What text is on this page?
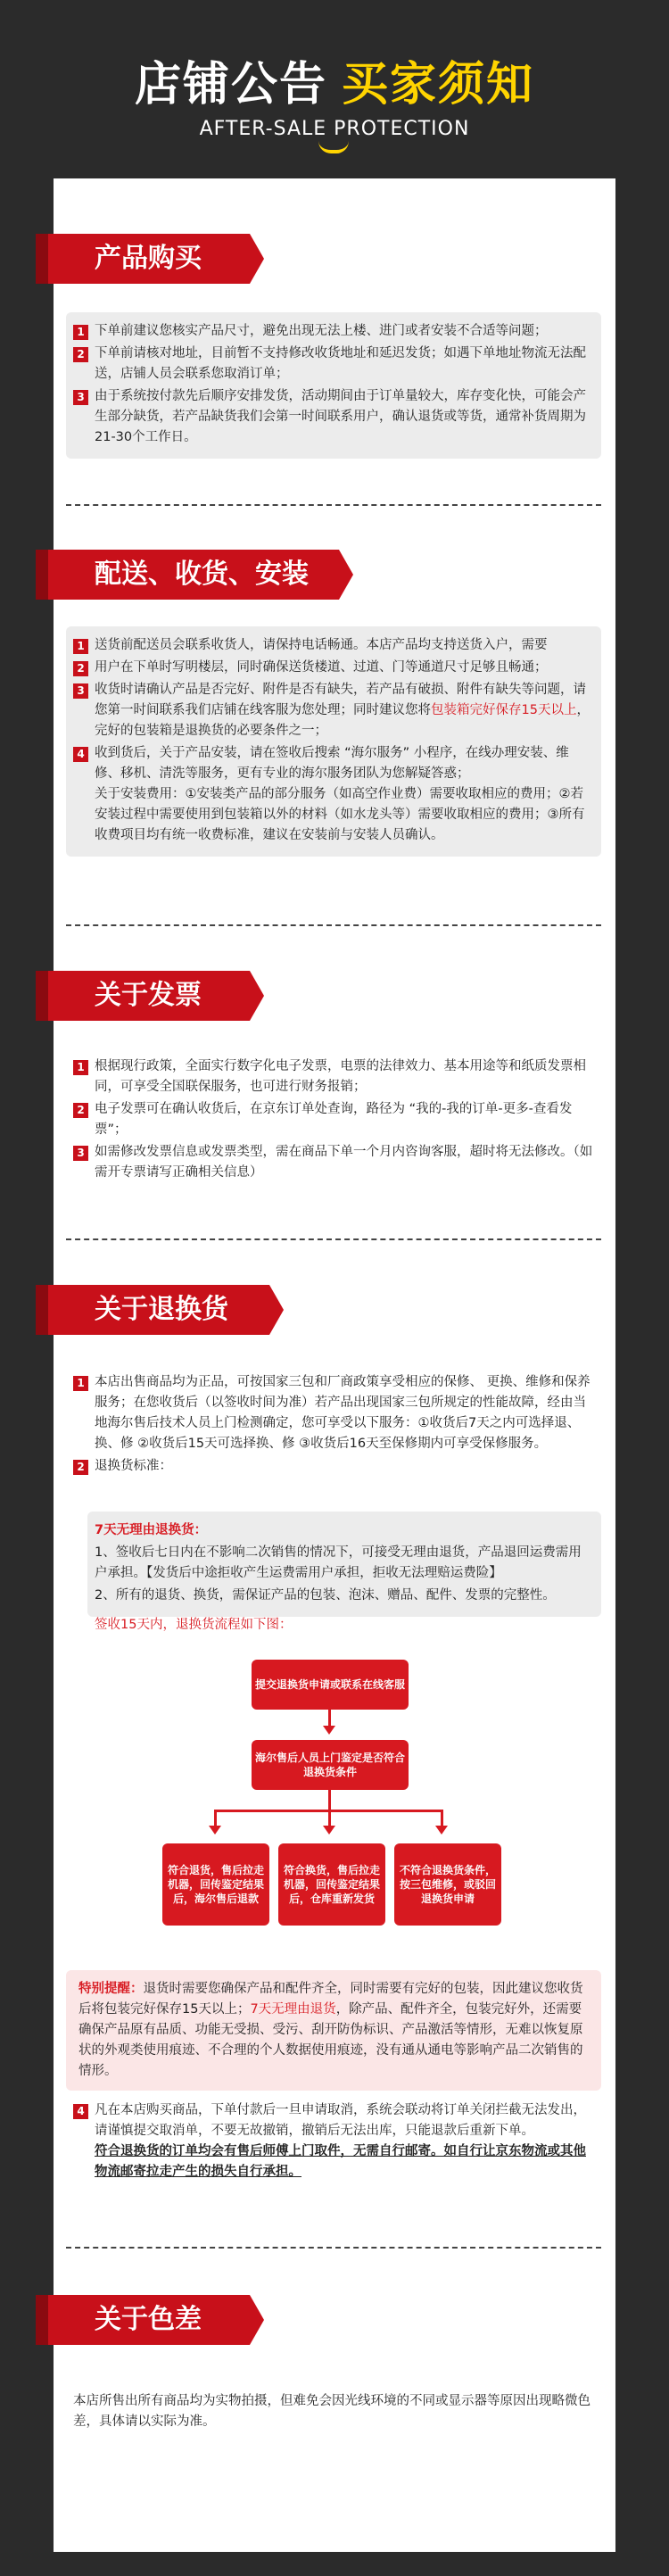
店铺公告 买家须知
AFTER-SALE PROTECTION
产品购买
1 下单前建议您核实产品尺寸，避免出现无法上楼、进门或者安装不合适等问题；
2 下单前请核对地址，目前暂不支持修改收货地址和延迟发货；如遇下单地址物流无法配送，店铺人员会联系您取消订单；
3 由于系统按付款先后顺序安排发货，活动期间由于订单量较大，库存变化快，可能会产生部分缺货，若产品缺货我们会第一时间联系用户，确认退货或等货，通常补货周期为21-30个工作日。
配送、收货、安装
1 送货前配送员会联系收货人，请保持电话畅通。本店产品均支持送货入户，需要
2 用户在下单时写明楼层，同时确保送货楼道、过道、门等通道尺寸足够且畅通；
3 收货时请确认产品是否完好、附件是否有缺失，若产品有破损、附件有缺失等问题，请您第一时间联系我们店铺在线客服为您处理；同时建议您将包装箱完好保存15天以上，完好的包装箱是退换货的必要条件之一；
4 收到货后，关于产品安装，请在签收后搜索 “海尔服务” 小程序，在线办理安装、维修、移机、清洗等服务，更有专业的海尔服务团队为您解疑答惑；
关于安装费用：①安装类产品的部分服务（如高空作业费）需要收取相应的费用；②若安装过程中需要使用到包装箱以外的材料（如水龙头等）需要收取相应的费用；③所有收费项目均有统一收费标准，建议在安装前与安装人员确认。
关于发票
1 根据现行政策，全面实行数字化电子发票，电票的法律效力、基本用途等和纸质发票相同，可享受全国联保服务，也可进行财务报销；
2 电子发票可在确认收货后，在京东订单处查询，路径为 “我的-我的订单-更多-查看发票”；
3 如需修改发票信息或发票类型，需在商品下单一个月内咨询客服，超时将无法修改。（如需开专票请写正确相关信息）
关于退换货
1 本店出售商品均为正品，可按国家三包和厂商政策享受相应的保修、 更换、维修和保养服务；在您收货后（以签收时间为准）若产品出现国家三包所规定的性能故障，经由当地海尔售后技术人员上门检测确定，您可享受以下服务：①收货后7天之内可选择退、换、修 ②收货后15天可选择换、修 ③收货后16天至保修期内可享受保修服务。
2 退换货标准：
7天无理由退换货：
1、签收后七日内在不影响二次销售的情况下，可接受无理由退货，产品退回运费需用户承担。【发货后中途拒收产生运费需用户承担，拒收无法理赔运费险】
2、所有的退货、换货，需保证产品的包装、泡沫、赠品、配件、发票的完整性。
签收15天内，退换货流程如下图：
提交退换货申请或联系在线客服
海尔售后人员上门鉴定是否符合退换货条件
符合退货，售后拉走机器，回传鉴定结果后，海尔售后退款
符合换货，售后拉走机器，回传鉴定结果后，仓库重新发货
不符合退换货条件，按三包维修，或驳回退换货申请
特别提醒：退货时需要您确保产品和配件齐全，同时需要有完好的包装，因此建议您收货后将包装完好保存15天以上；7天无理由退货，除产品、配件齐全，包装完好外，还需要确保产品原有品质、功能无受损、受污、刮开防伪标识、产品激活等情形，无难以恢复原状的外观类使用痕迹、不合理的个人数据使用痕迹，没有通从通电等影响产品二次销售的情形。
4 凡在本店购买商品，下单付款后一旦申请取消，系统会联动将订单关闭拦截无法发出，请谨慎提交取消单，不要无故撤销，撤销后无法出库，只能退款后重新下单。
符合退换货的订单均会有售后师傅上门取件，无需自行邮寄。如自行让京东物流或其他物流邮寄拉走产生的损失自行承担。
关于色差
本店所售出所有商品均为实物拍摄，但难免会因光线环境的不同或显示器等原因出现略微色差，具体请以实际为准。
